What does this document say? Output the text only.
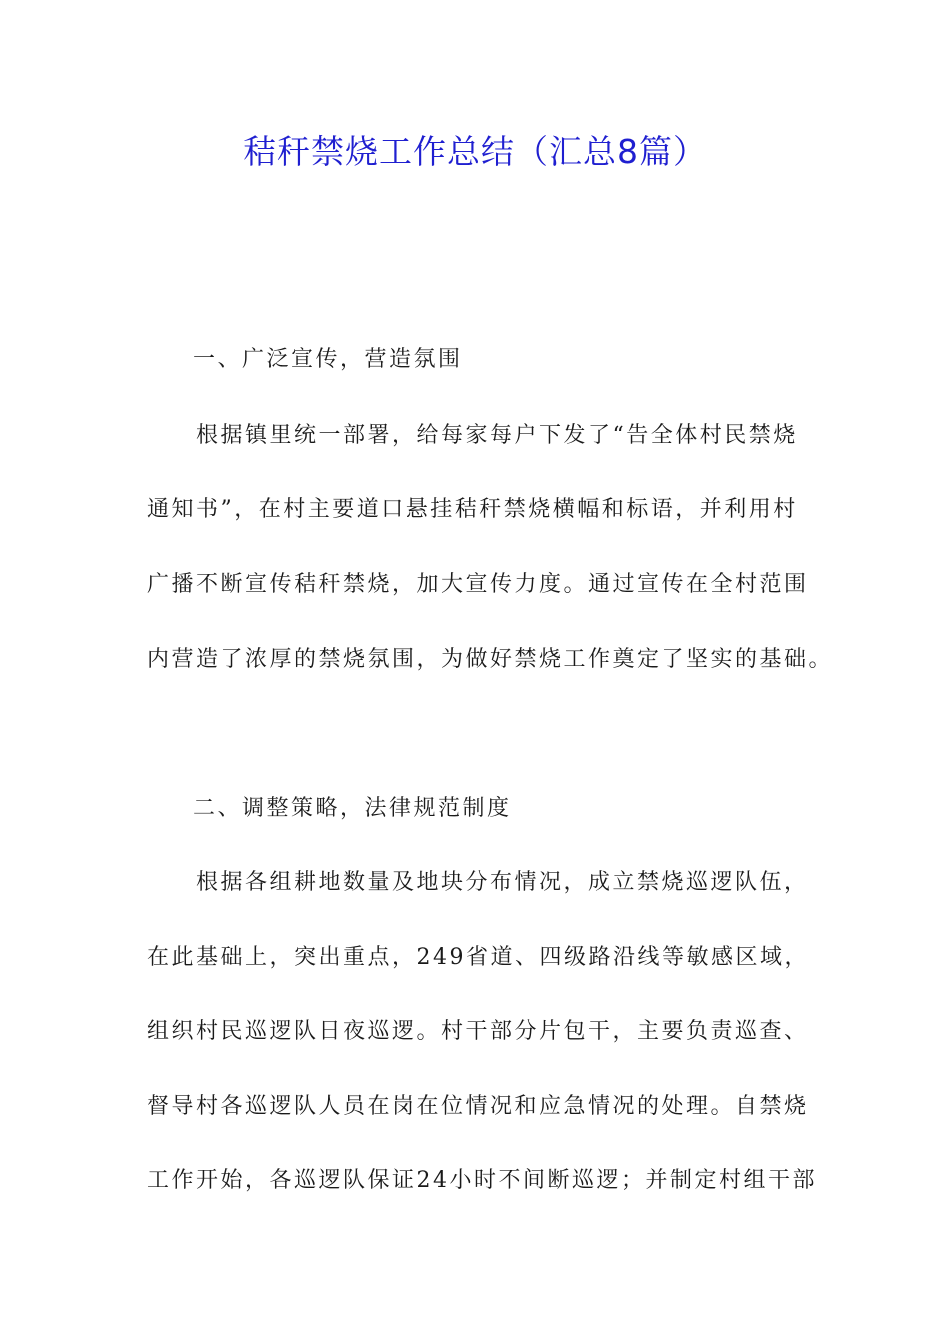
秸秆禁烧工作总结（汇总8篇）

一、广泛宣传，营造氛围

根据镇里统一部署，给每家每户下发了“告全体村民禁烧

通知书”，在村主要道口悬挂秸秆禁烧横幅和标语，并利用村

广播不断宣传秸秆禁烧，加大宣传力度。通过宣传在全村范围

内营造了浓厚的禁烧氛围，为做好禁烧工作奠定了坚实的基础。

二、调整策略，法律规范制度

根据各组耕地数量及地块分布情况，成立禁烧巡逻队伍，

在此基础上，突出重点，249省道、四级路沿线等敏感区域，

组织村民巡逻队日夜巡逻。村干部分片包干，主要负责巡查、

督导村各巡逻队人员在岗在位情况和应急情况的处理。自禁烧

工作开始，各巡逻队保证24小时不间断巡逻；并制定村组干部
